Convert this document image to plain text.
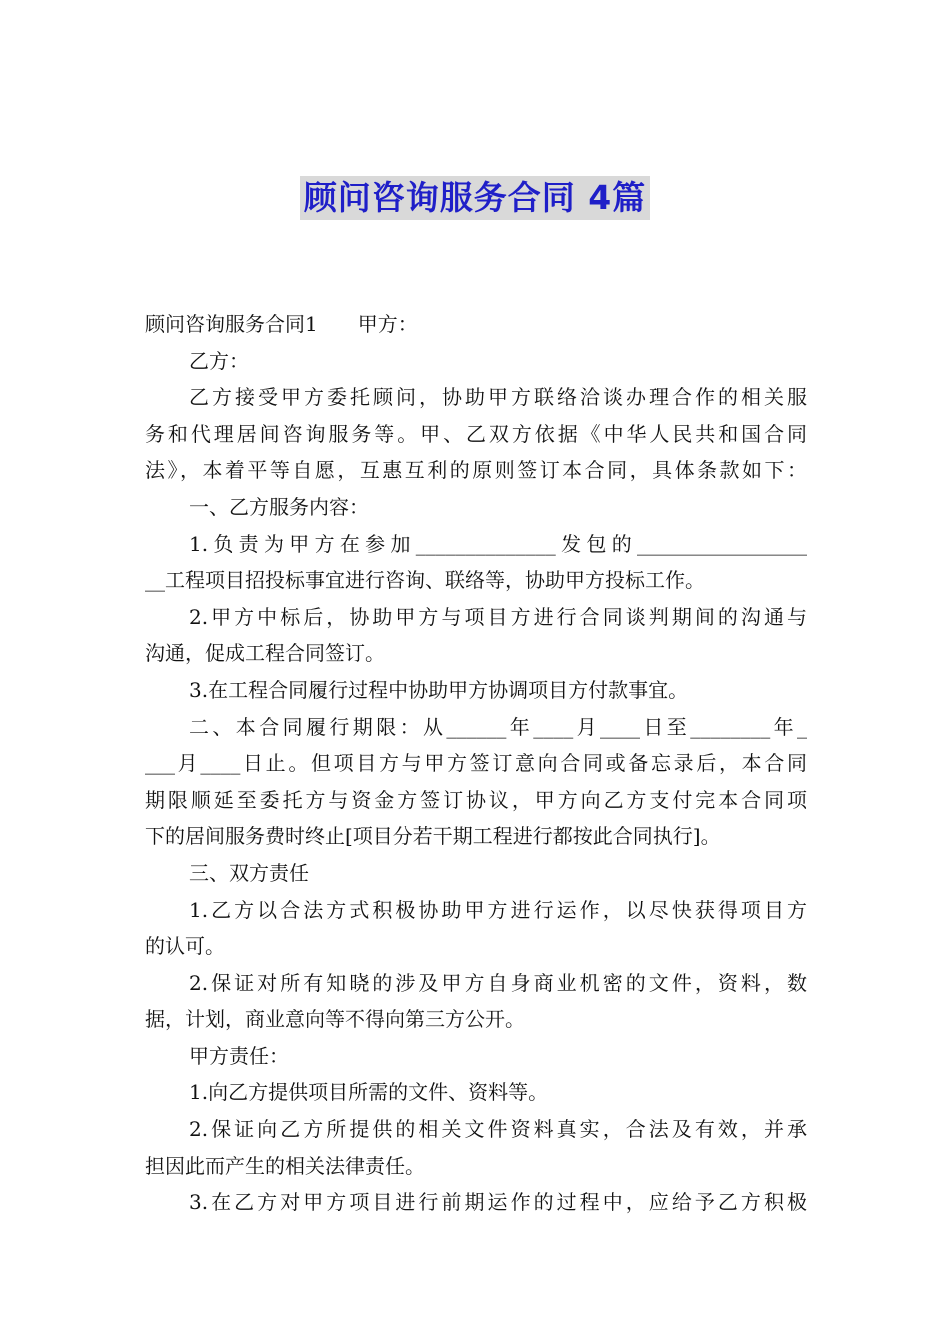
顾问咨询服务合同 4篇
顾问咨询服务合同1　　甲方：
乙方：
乙方接受甲方委托顾问，协助甲方联络洽谈办理合作的相关服
务和代理居间咨询服务等。甲、乙双方依据《中华人民共和国合同
法》，本着平等自愿，互惠互利的原则签订本合同，具体条款如下：
一、乙方服务内容：
1.负责为甲方在参加______________发包的_________________
__工程项目招投标事宜进行咨询、联络等，协助甲方投标工作。
2.甲方中标后，协助甲方与项目方进行合同谈判期间的沟通与
沟通，促成工程合同签订。
3.在工程合同履行过程中协助甲方协调项目方付款事宜。
二、本合同履行期限：从______年____月____日至________年_
___月____日止。但项目方与甲方签订意向合同或备忘录后，本合同
期限顺延至委托方与资金方签订协议，甲方向乙方支付完本合同项
下的居间服务费时终止[项目分若干期工程进行都按此合同执行]。
三、双方责任
1.乙方以合法方式积极协助甲方进行运作，以尽快获得项目方
的认可。
2.保证对所有知晓的涉及甲方自身商业机密的文件，资料，数
据，计划，商业意向等不得向第三方公开。
甲方责任：
1.向乙方提供项目所需的文件、资料等。
2.保证向乙方所提供的相关文件资料真实，合法及有效，并承
担因此而产生的相关法律责任。
3.在乙方对甲方项目进行前期运作的过程中，应给予乙方积极
